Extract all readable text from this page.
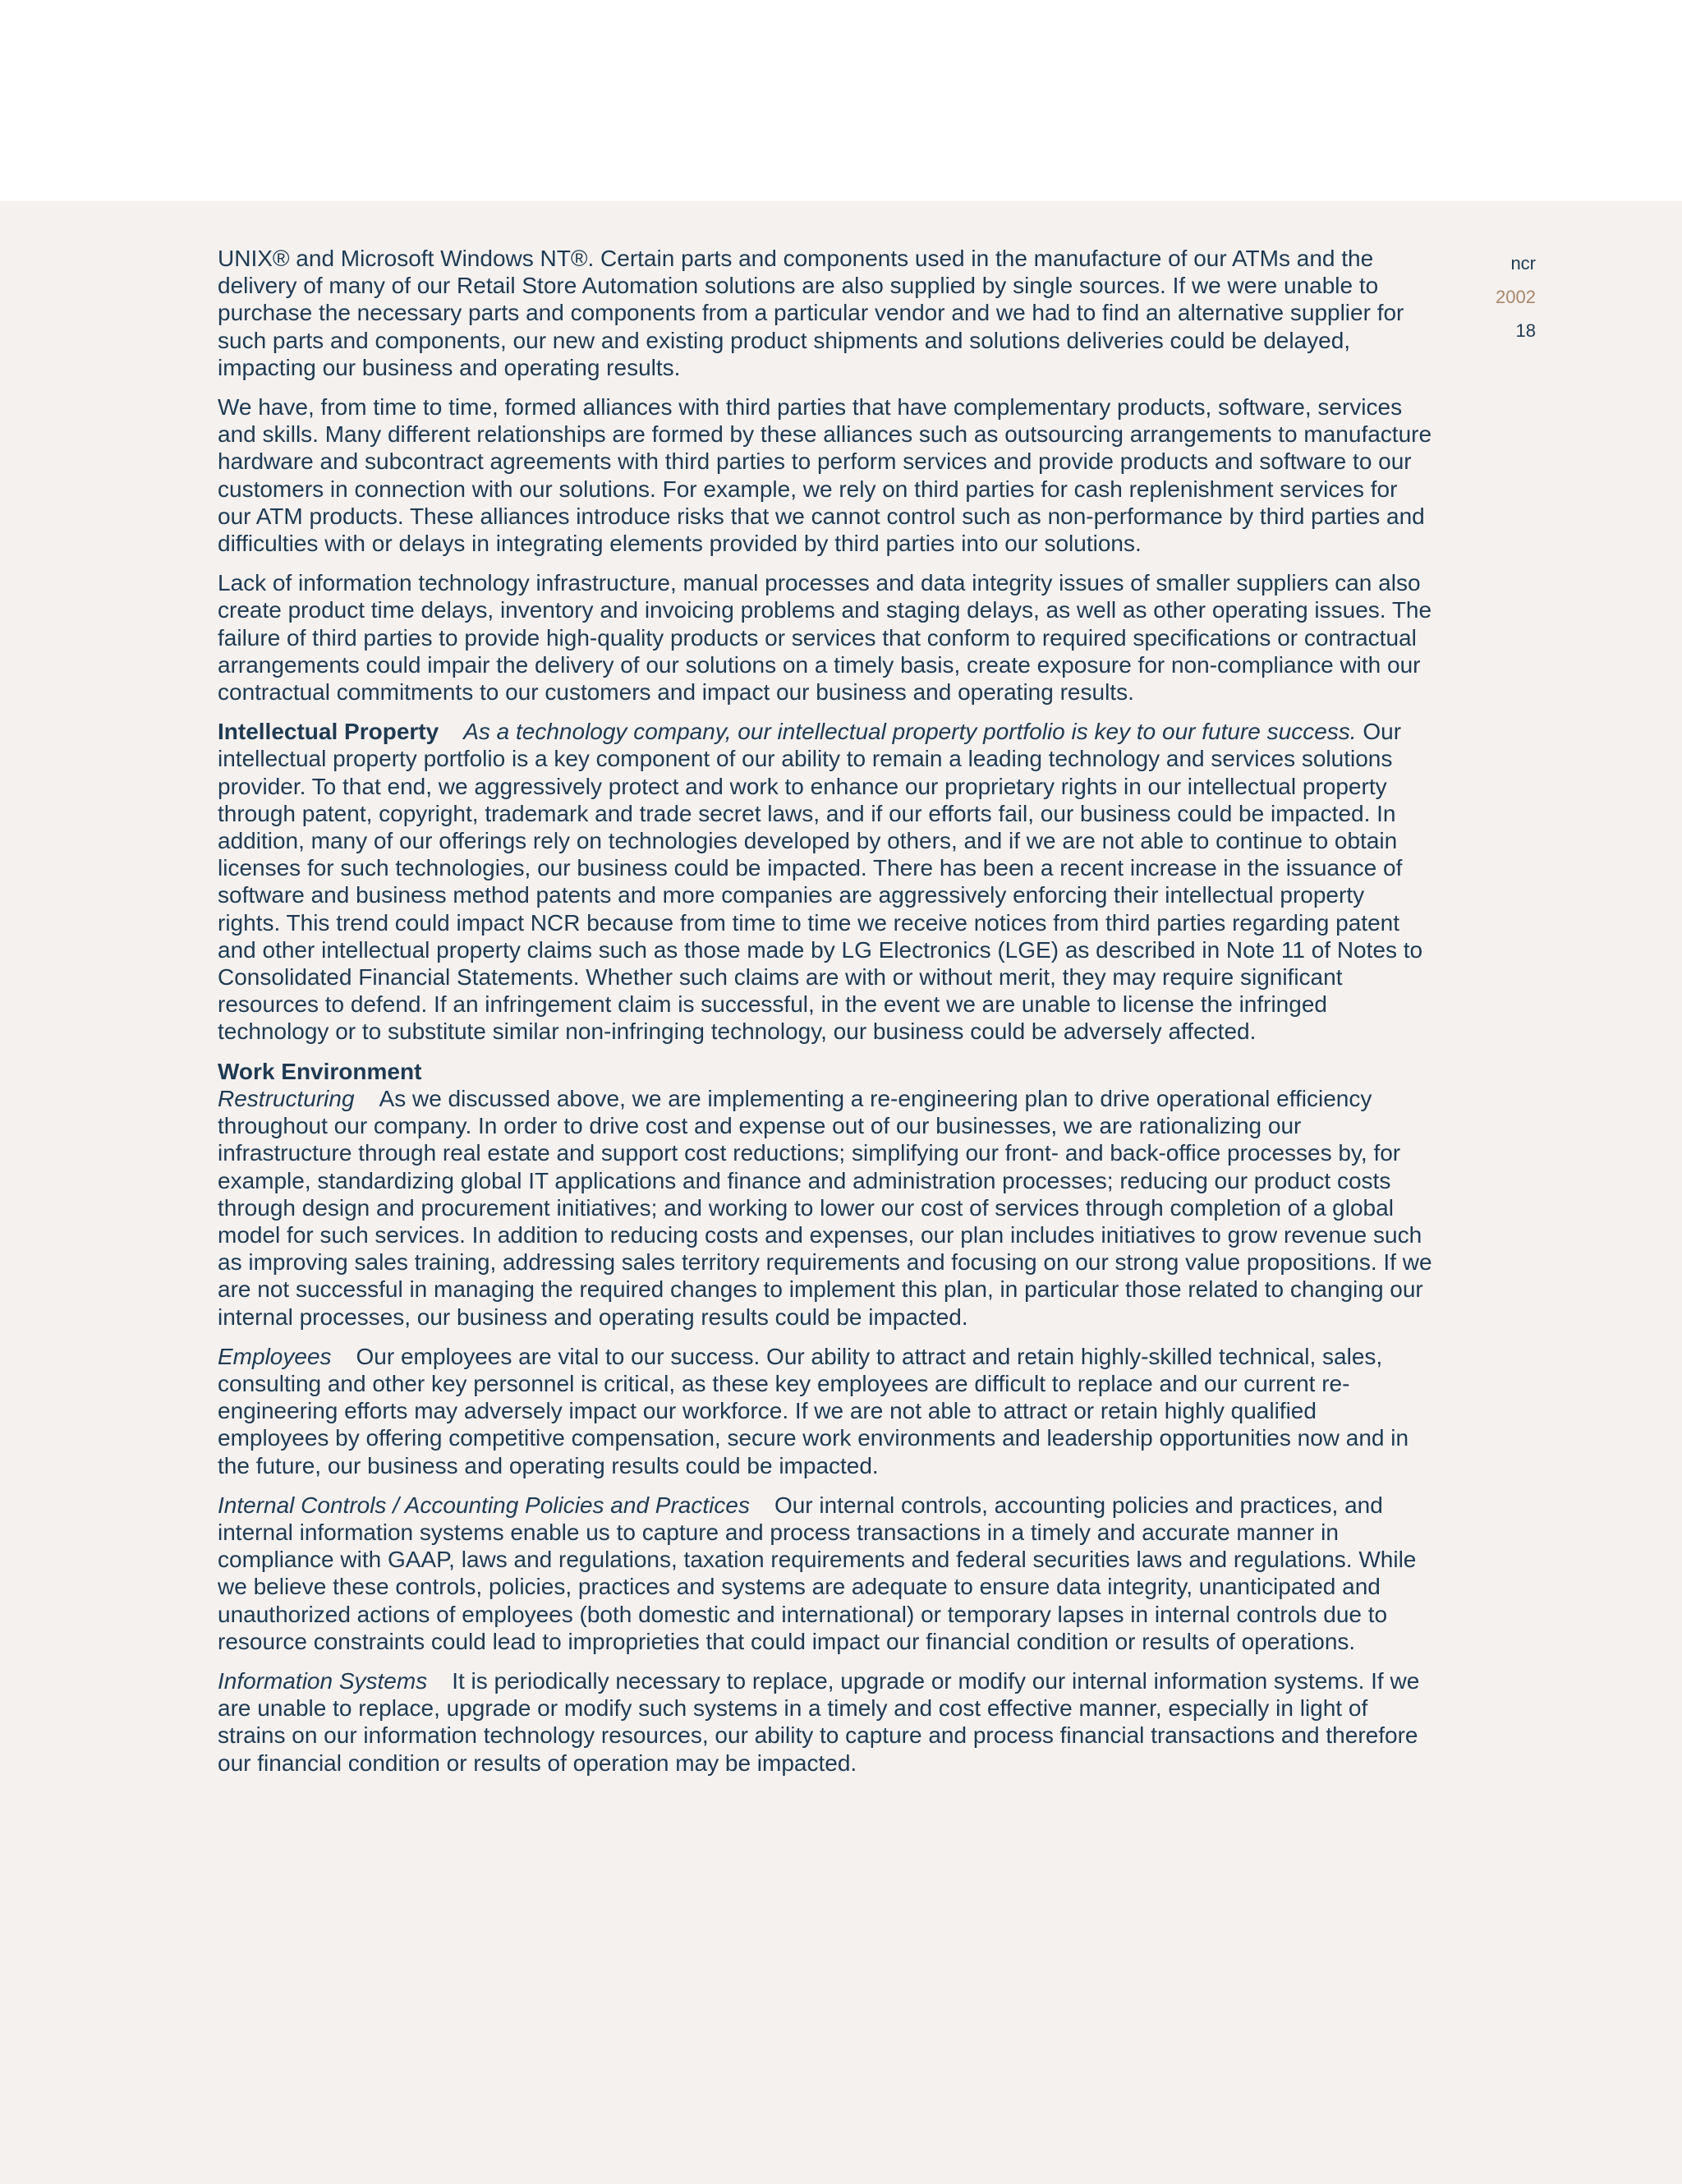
ncr
2002
18

UNIX® and Microsoft Windows NT®. Certain parts and components used in the manufacture of our ATMs and the delivery of many of our Retail Store Automation solutions are also supplied by single sources. If we were unable to purchase the necessary parts and components from a particular vendor and we had to find an alternative supplier for such parts and components, our new and existing product shipments and solutions deliveries could be delayed, impacting our business and operating results.

We have, from time to time, formed alliances with third parties that have complementary products, software, services and skills. Many different relationships are formed by these alliances such as outsourcing arrangements to manufacture hardware and subcontract agreements with third parties to perform services and provide products and software to our customers in connection with our solutions. For example, we rely on third parties for cash replenishment services for our ATM products. These alliances introduce risks that we cannot control such as non-performance by third parties and difficulties with or delays in integrating elements provided by third parties into our solutions.

Lack of information technology infrastructure, manual processes and data integrity issues of smaller suppliers can also create product time delays, inventory and invoicing problems and staging delays, as well as other operating issues. The failure of third parties to provide high-quality products or services that conform to required specifications or contractual arrangements could impair the delivery of our solutions on a timely basis, create exposure for non-compliance with our contractual commitments to our customers and impact our business and operating results.

Intellectual Property As a technology company, our intellectual property portfolio is key to our future success. Our intellectual property portfolio is a key component of our ability to remain a leading technology and services solutions provider. To that end, we aggressively protect and work to enhance our proprietary rights in our intellectual property through patent, copyright, trademark and trade secret laws, and if our efforts fail, our business could be impacted. In addition, many of our offerings rely on technologies developed by others, and if we are not able to continue to obtain licenses for such technologies, our business could be impacted. There has been a recent increase in the issuance of software and business method patents and more companies are aggressively enforcing their intellectual property rights. This trend could impact NCR because from time to time we receive notices from third parties regarding patent and other intellectual property claims such as those made by LG Electronics (LGE) as described in Note 11 of Notes to Consolidated Financial Statements. Whether such claims are with or without merit, they may require significant resources to defend. If an infringement claim is successful, in the event we are unable to license the infringed technology or to substitute similar non-infringing technology, our business could be adversely affected.

Work Environment

Restructuring As we discussed above, we are implementing a re-engineering plan to drive operational efficiency throughout our company. In order to drive cost and expense out of our businesses, we are rationalizing our infrastructure through real estate and support cost reductions; simplifying our front- and back-office processes by, for example, standardizing global IT applications and finance and administration processes; reducing our product costs through design and procurement initiatives; and working to lower our cost of services through completion of a global model for such services. In addition to reducing costs and expenses, our plan includes initiatives to grow revenue such as improving sales training, addressing sales territory requirements and focusing on our strong value propositions. If we are not successful in managing the required changes to implement this plan, in particular those related to changing our internal processes, our business and operating results could be impacted.

Employees Our employees are vital to our success. Our ability to attract and retain highly-skilled technical, sales, consulting and other key personnel is critical, as these key employees are difficult to replace and our current re-engineering efforts may adversely impact our workforce. If we are not able to attract or retain highly qualified employees by offering competitive compensation, secure work environments and leadership opportunities now and in the future, our business and operating results could be impacted.

Internal Controls / Accounting Policies and Practices Our internal controls, accounting policies and practices, and internal information systems enable us to capture and process transactions in a timely and accurate manner in compliance with GAAP, laws and regulations, taxation requirements and federal securities laws and regulations. While we believe these controls, policies, practices and systems are adequate to ensure data integrity, unanticipated and unauthorized actions of employees (both domestic and international) or temporary lapses in internal controls due to resource constraints could lead to improprieties that could impact our financial condition or results of operations.

Information Systems It is periodically necessary to replace, upgrade or modify our internal information systems. If we are unable to replace, upgrade or modify such systems in a timely and cost effective manner, especially in light of strains on our information technology resources, our ability to capture and process financial transactions and therefore our financial condition or results of operation may be impacted.
